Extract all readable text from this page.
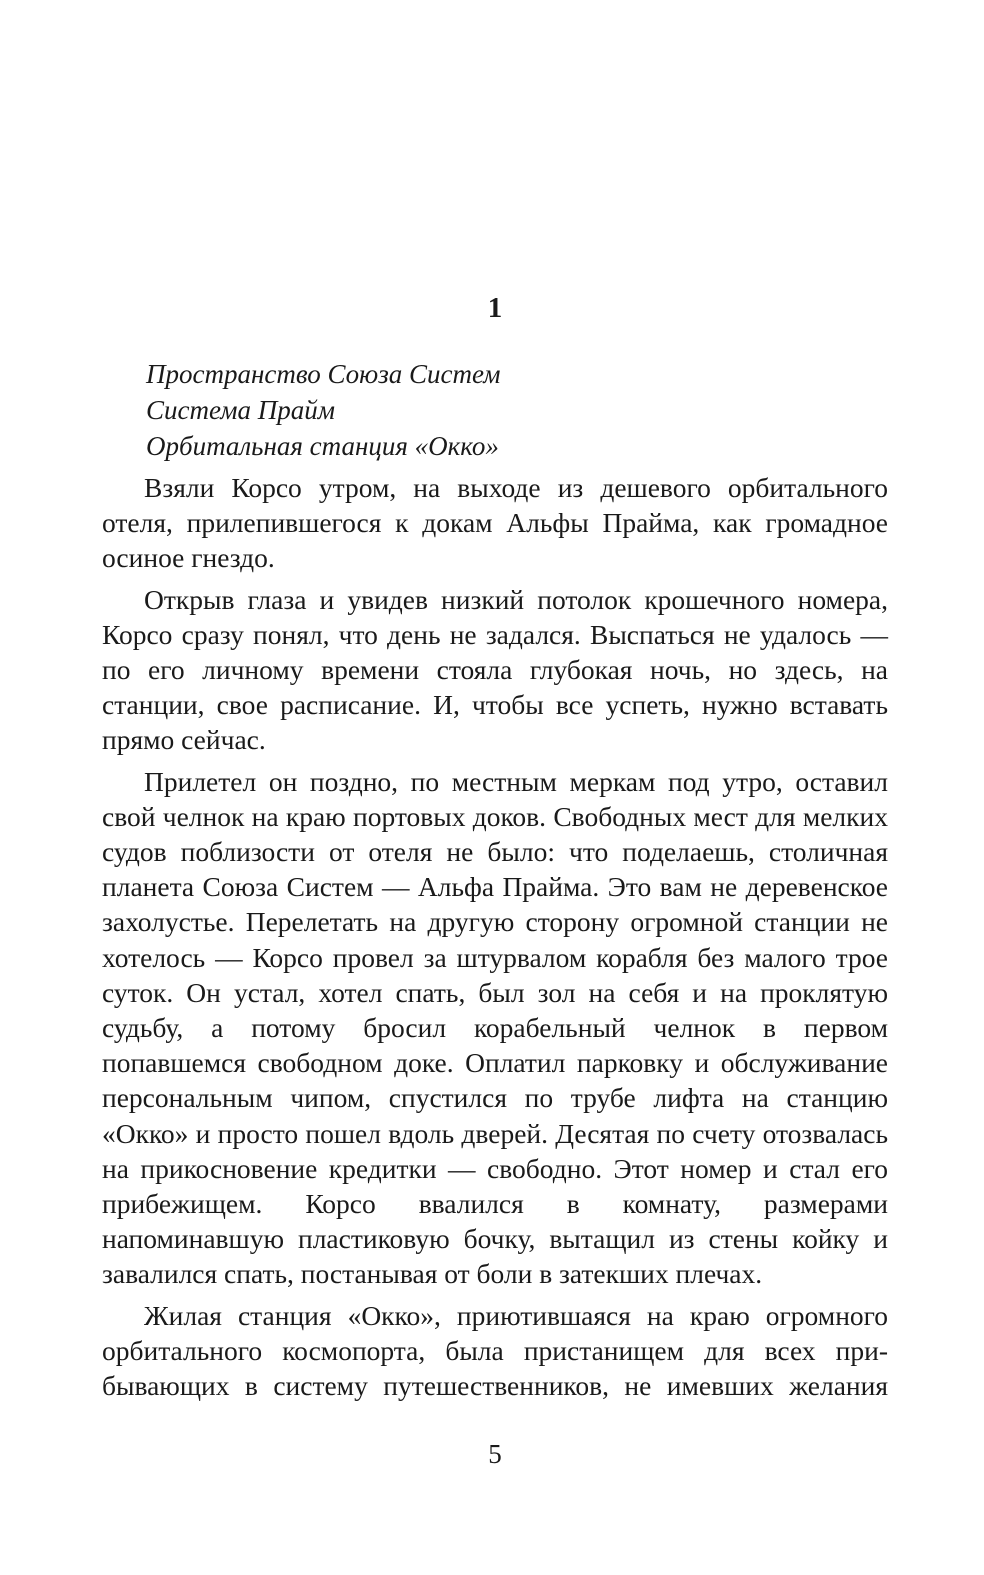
1
Пространство Союза Систем
Система Прайм
Орбитальная станция «Окко»

Взяли Корсо утром, на выходе из дешевого орбитального отеля, прилепившегося к докам Альфы Прайма, как громадное осиное гнездо.

Открыв глаза и увидев низкий потолок крошечного номера, Корсо сразу понял, что день не задался. Выспаться не удалось — по его личному времени стояла глубокая ночь, но здесь, на станции, свое расписание. И, чтобы все успеть, нужно вставать прямо сейчас.

Прилетел он поздно, по местным меркам под утро, оставил свой челнок на краю портовых доков. Свободных мест для мелких судов поблизости от отеля не было: что поделаешь, столичная планета Союза Систем — Альфа Прайма. Это вам не деревенское захолустье. Перелетать на другую сторону огромной станции не хотелось — Корсо провел за штурвалом корабля без малого трое суток. Он устал, хотел спать, был зол на себя и на проклятую судьбу, а потому бросил корабельный челнок в первом попавшемся свободном доке. Оплатил парковку и обслуживание персональным чипом, спустился по трубе лифта на станцию «Окко» и просто пошел вдоль дверей. Десятая по счету отозвалась на прикосновение кредитки — свободно. Этот номер и стал его прибежищем. Корсо ввалился в комнату, размерами напоминавшую пластиковую бочку, вытащил из стены койку и завалился спать, постанывая от боли в затекших плечах.

Жилая станция «Окко», приютившаяся на краю огромного орбитального космопорта, была пристанищем для всех прибывающих в систему путешественников, не имевших желания

5
